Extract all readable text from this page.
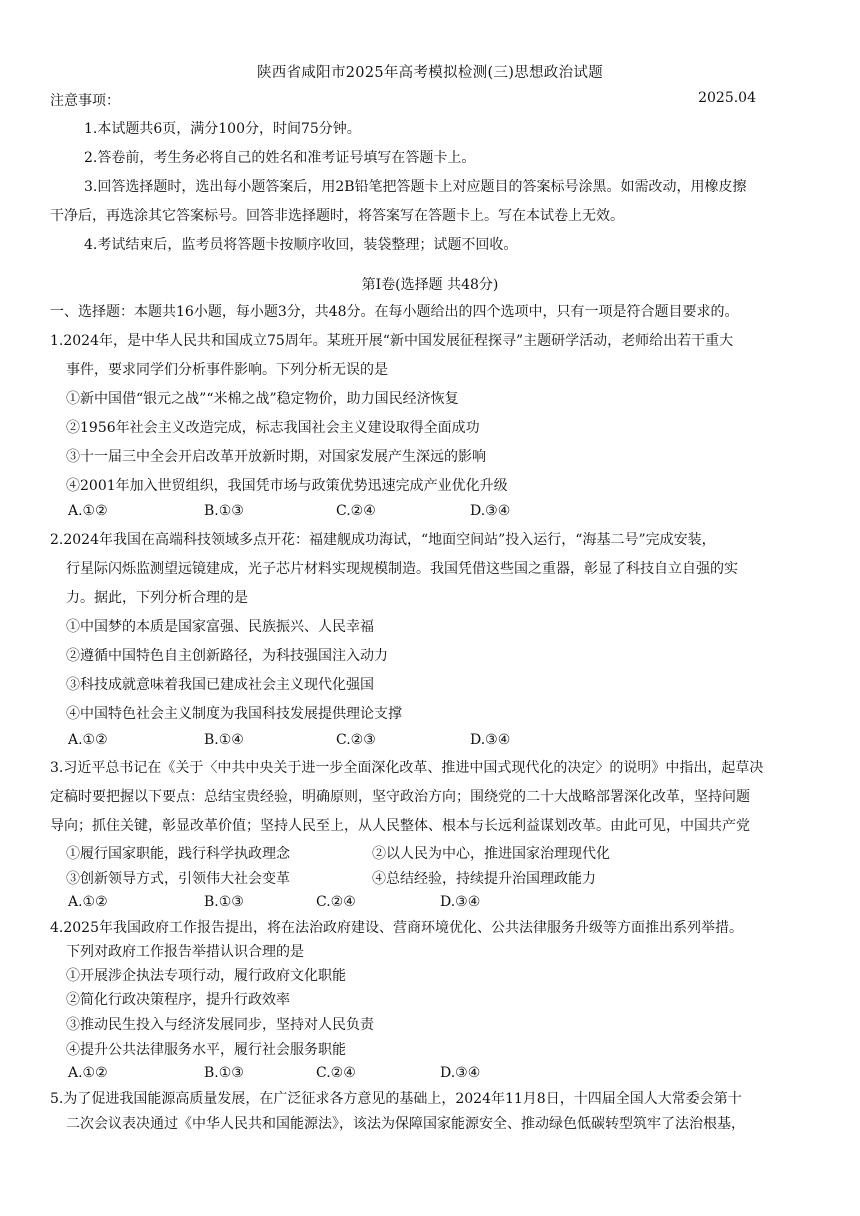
陕西省咸阳市2025年高考模拟检测(三)思想政治试题
注意事项：	2025.04
1.本试题共6页，满分100分，时间75分钟。
2.答卷前，考生务必将自己的姓名和准考证号填写在答题卡上。
3.回答选择题时，选出每小题答案后，用2B铅笔把答题卡上对应题目的答案标号涂黑。如需改动，用橡皮擦
干净后，再选涂其它答案标号。回答非选择题时，将答案写在答题卡上。写在本试卷上无效。
4.考试结束后，监考员将答题卡按顺序收回，装袋整理；试题不回收。
第Ⅰ卷(选择题 共48分)
一、选择题：本题共16小题，每小题3分，共48分。在每小题给出的四个选项中，只有一项是符合题目要求的。
1.2024年，是中华人民共和国成立75周年。某班开展“新中国发展征程探寻”主题研学活动，老师给出若干重大
事件，要求同学们分析事件影响。下列分析无误的是
①新中国借“银元之战”“米棉之战”稳定物价，助力国民经济恢复
②1956年社会主义改造完成，标志我国社会主义建设取得全面成功
③十一届三中全会开启改革开放新时期，对国家发展产生深远的影响
④2001年加入世贸组织，我国凭市场与政策优势迅速完成产业优化升级
A.①②	B.①③	C.②④	D.③④
2.2024年我国在高端科技领域多点开花：福建舰成功海试，“地面空间站”投入运行，“海基二号”完成安装，
行星际闪烁监测望远镜建成，光子芯片材料实现规模制造。我国凭借这些国之重器，彰显了科技自立自强的实
力。据此，下列分析合理的是
①中国梦的本质是国家富强、民族振兴、人民幸福
②遵循中国特色自主创新路径，为科技强国注入动力
③科技成就意味着我国已建成社会主义现代化强国
④中国特色社会主义制度为我国科技发展提供理论支撑
A.①②	B.①④	C.②③	D.③④
3.习近平总书记在《关于〈中共中央关于进一步全面深化改革、推进中国式现代化的决定〉的说明》中指出，起草决
定稿时要把握以下要点：总结宝贵经验，明确原则，坚守政治方向；围绕党的二十大战略部署深化改革，坚持问题
导向；抓住关键，彰显改革价值；坚持人民至上，从人民整体、根本与长远利益谋划改革。由此可见，中国共产党
①履行国家职能，践行科学执政理念	②以人民为中心，推进国家治理现代化
③创新领导方式，引领伟大社会变革	④总结经验，持续提升治国理政能力
A.①②	B.①③	C.②④	D.③④
4.2025年我国政府工作报告提出，将在法治政府建设、营商环境优化、公共法律服务升级等方面推出系列举措。
下列对政府工作报告举措认识合理的是
①开展涉企执法专项行动，履行政府文化职能
②简化行政决策程序，提升行政效率
③推动民生投入与经济发展同步，坚持对人民负责
④提升公共法律服务水平，履行社会服务职能
A.①②	B.①③	C.②④	D.③④
5.为了促进我国能源高质量发展，在广泛征求各方意见的基础上，2024年11月8日，十四届全国人大常委会第十
二次会议表决通过《中华人民共和国能源法》，该法为保障国家能源安全、推动绿色低碳转型筑牢了法治根基，
